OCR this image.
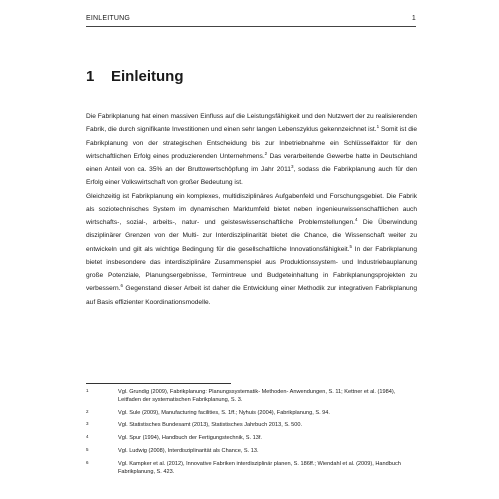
EINLEITUNG	1
1 Einleitung

Die Fabrikplanung hat einen massiven Einfluss auf die Leistungsfähigkeit und den Nutzwert der zu realisierenden Fabrik, die durch signifikante Investitionen und einen sehr langen Lebenszyklus gekennzeichnet ist.$^1$ Somit ist die Fabrikplanung von der strategischen Entscheidung bis zur Inbetriebnahme ein Schlüsselfaktor für den wirtschaftlichen Erfolg eines produzierenden Unternehmens.$^2$ Das verarbeitende Gewerbe hatte in Deutschland einen Anteil von ca. 35% an der Bruttowertschöpfung im Jahr 2011$^3$, sodass die Fabrikplanung auch für den Erfolg einer Volkswirtschaft von großer Bedeutung ist.

Gleichzeitig ist Fabrikplanung ein komplexes, multidisziplinäres Aufgabenfeld und Forschungsgebiet. Die Fabrik als soziotechnisches System im dynamischen Marktumfeld bietet neben ingenieurwissenschaftlichen auch wirtschafts-, sozial-, arbeits-, natur- und geisteswissenschaftliche Problemstellungen.$^4$ Die Überwindung disziplinärer Grenzen von der Multi- zur Interdisziplinarität bietet die Chance, die Wissenschaft weiter zu entwickeln und gilt als wichtige Bedingung für die gesellschaftliche Innovationsfähigkeit.$^5$ In der Fabrikplanung bietet insbesondere das interdisziplinäre Zusammenspiel aus Produktionssystem- und Industriebauplanung große Potenziale, Planungsergebnisse, Termintreue und Budgeteinhaltung in Fabrikplanungsprojekten zu verbessern.$^6$ Gegenstand dieser Arbeit ist daher die Entwicklung einer Methodik zur integrativen Fabrikplanung auf Basis effizienter Koordinationsmodelle.

1	Vgl. Grundig (2009), Fabrikplanung: Planungssystematik- Methoden- Anwendungen, S. 11; Kettner et al. (1984), Leitfaden der systematischen Fabrikplanung, S. 3.
2	Vgl. Sule (2009), Manufacturing facilities, S. 1ff.; Nyhuis (2004), Fabrikplanung, S. 94.
3	Vgl. Statistisches Bundesamt (2013), Statistisches Jahrbuch 2013, S. 500.
4	Vgl. Spur (1994), Handbuch der Fertigungstechnik, S. 13f.
5	Vgl. Ludwig (2008), Interdisziplinarität als Chance, S. 13.
6	Vgl. Kampker et al. (2012), Innovative Fabriken interdisziplinär planen, S. 186ff.; Wiendahl et al. (2009), Handbuch Fabrikplanung, S. 423.
